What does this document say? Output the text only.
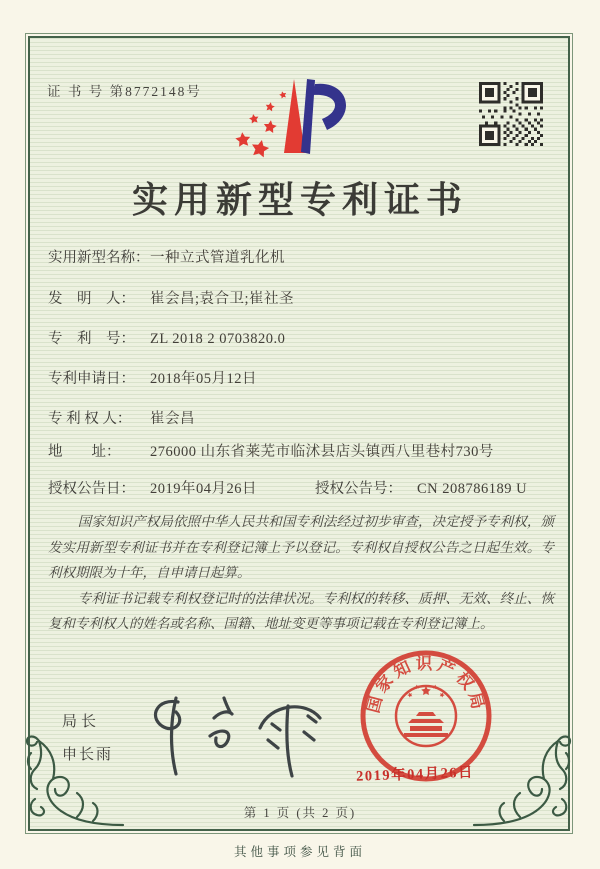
证 书 号 第8772148号
实用新型专利证书
实用新型名称： 一种立式管道乳化机
发　明　人：	崔会昌;袁合卫;崔社圣
专　利　号：	ZL 2018 2 0703820.0
专利申请日：	2018年05月12日
专 利 权 人：	崔会昌
地　　址：	276000 山东省莱芜市临沭县店头镇西八里巷村730号
授权公告日：	2019年04月26日	授权公告号：	CN 208786189 U

国家知识产权局依照中华人民共和国专利法经过初步审查，决定授予专利权，颁发实用新型专利证书并在专利登记簿上予以登记。专利权自授权公告之日起生效。专利权期限为十年，自申请日起算。

专利证书记载专利权登记时的法律状况。专利权的转移、质押、无效、终止、恢复和专利权人的姓名或名称、国籍、地址变更等事项记载在专利登记簿上。

局长
申长雨
国家知识产权局
2019年04月26日
第 1 页 (共 2 页)
其他事项参见背面
